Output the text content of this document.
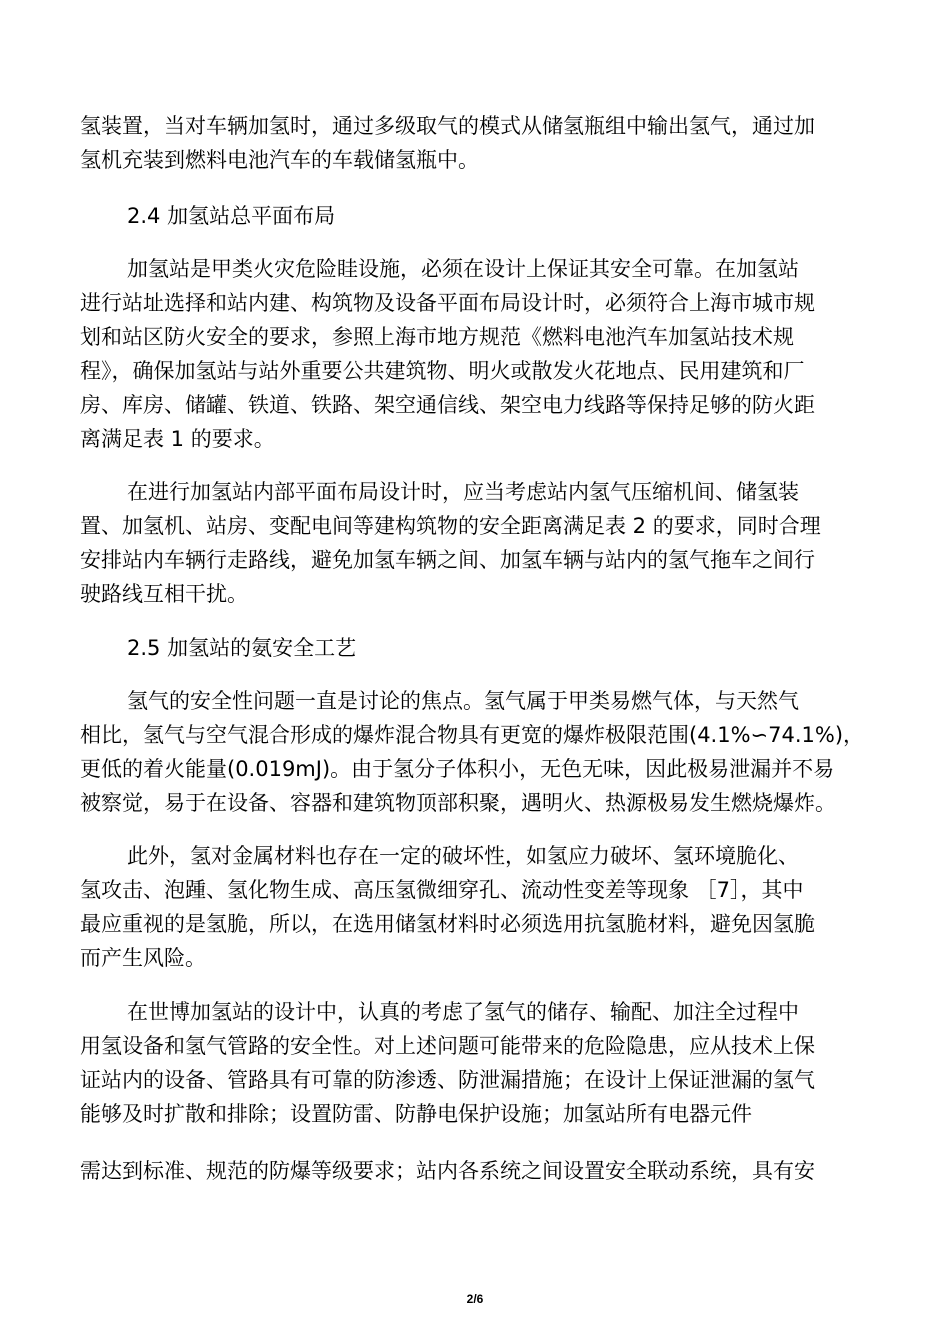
氢装置，当对车辆加氢时，通过多级取气的模式从储氢瓶组中输出氢气，通过加
氢机充装到燃料电池汽车的车载储氢瓶中。
2.4 加氢站总平面布局
加氢站是甲类火灾危险眭设施，必须在设计上保证其安全可靠。在加氢站
进行站址选择和站内建、构筑物及设备平面布局设计时，必须符合上海市城市规
划和站区防火安全的要求，参照上海市地方规范《燃料电池汽车加氢站技术规
程》，确保加氢站与站外重要公共建筑物、明火或散发火花地点、民用建筑和厂
房、库房、储罐、铁道、铁路、架空通信线、架空电力线路等保持足够的防火距
离满足表 1 的要求。
在进行加氢站内部平面布局设计时，应当考虑站内氢气压缩机间、储氢装
置、加氢机、站房、变配电间等建构筑物的安全距离满足表 2 的要求，同时合理
安排站内车辆行走路线，避免加氢车辆之间、加氢车辆与站内的氢气拖车之间行
驶路线互相干扰。
2.5 加氢站的氨安全工艺
氢气的安全性问题一直是讨论的焦点。氢气属于甲类易燃气体，与天然气
相比，氢气与空气混合形成的爆炸混合物具有更宽的爆炸极限范围(4.1%∽74.1%)，
更低的着火能量(0.019mJ)。由于氢分子体积小，无色无味，因此极易泄漏并不易
被察觉，易于在设备、容器和建筑物顶部积聚，遇明火、热源极易发生燃烧爆炸。
此外，氢对金属材料也存在一定的破坏性，如氢应力破坏、氢环境脆化、
氢攻击、泡踵、氢化物生成、高压氢微细穿孔、流动性变差等现象 ［7］，其中
最应重视的是氢脆，所以，在选用储氢材料时必须选用抗氢脆材料，避免因氢脆
而产生风险。
在世博加氢站的设计中，认真的考虑了氢气的储存、输配、加注全过程中
用氢设备和氢气管路的安全性。对上述问题可能带来的危险隐患，应从技术上保
证站内的设备、管路具有可靠的防渗透、防泄漏措施；在设计上保证泄漏的氢气
能够及时扩散和排除；设置防雷、防静电保护设施；加氢站所有电器元件
需达到标准、规范的防爆等级要求；站内各系统之间设置安全联动系统，具有安
2/6
